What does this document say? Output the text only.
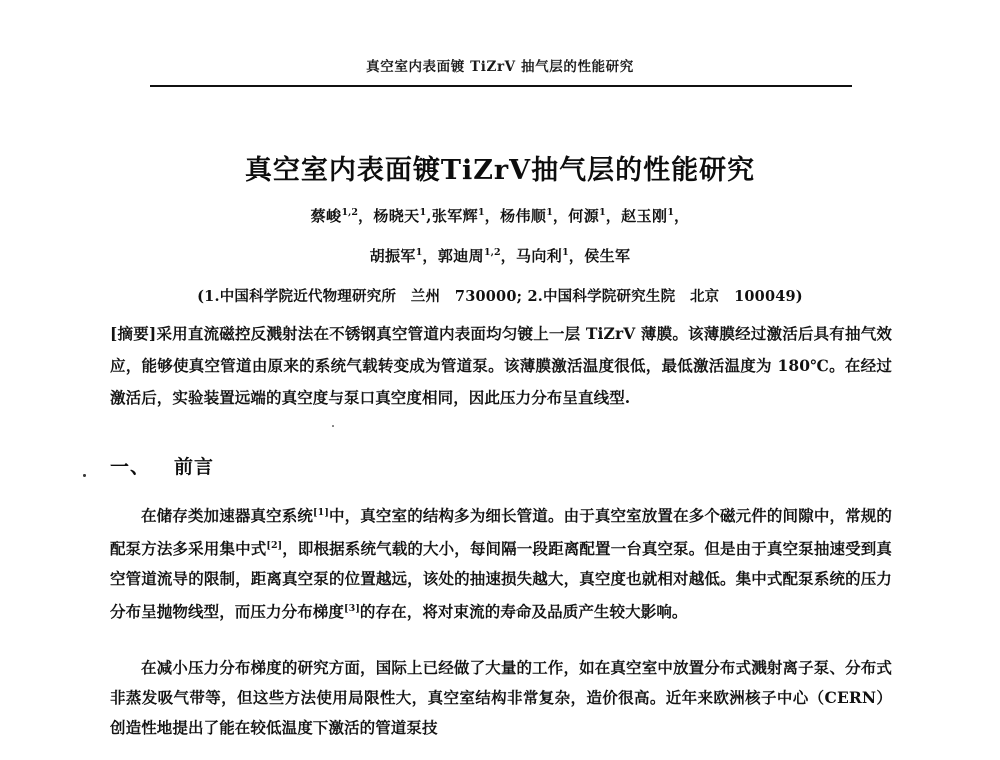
真空室内表面镀 TiZrV 抽气层的性能研究
真空室内表面镀TiZrV抽气层的性能研究
蔡峻$^{1,2}$，杨晓天$^1$,张军辉$^1$，杨伟顺$^1$，何源$^1$，赵玉刚$^1$，
胡振军$^1$，郭迪周$^{1,2}$，马向利$^1$，侯生军
(1.中国科学院近代物理研究所　兰州　730000; 2.中国科学院研究生院　北京　100049)
[摘要]采用直流磁控反溅射法在不锈钢真空管道内表面均匀镀上一层 TiZrV 薄膜。该薄膜经过激活后具有抽气效应，能够使真空管道由原来的系统气载转变成为管道泵。该薄膜激活温度很低，最低激活温度为 180℃。在经过激活后，实验装置远端的真空度与泵口真空度相同，因此压力分布呈直线型.
一、 前言

在储存类加速器真空系统[1]中，真空室的结构多为细长管道。由于真空室放置在多个磁元件的间隙中，常规的配泵方法多采用集中式[2]，即根据系统气载的大小，每间隔一段距离配置一台真空泵。但是由于真空泵抽速受到真空管道流导的限制，距离真空泵的位置越远，该处的抽速损失越大，真空度也就相对越低。集中式配泵系统的压力分布呈抛物线型，而压力分布梯度[3]的存在，将对束流的寿命及品质产生较大影响。

在减小压力分布梯度的研究方面，国际上已经做了大量的工作，如在真空室中放置分布式溅射离子泵、分布式非蒸发吸气带等，但这些方法使用局限性大，真空室结构非常复杂，造价很高。近年来欧洲核子中心（CERN）创造性地提出了能在较低温度下激活的管道泵技
